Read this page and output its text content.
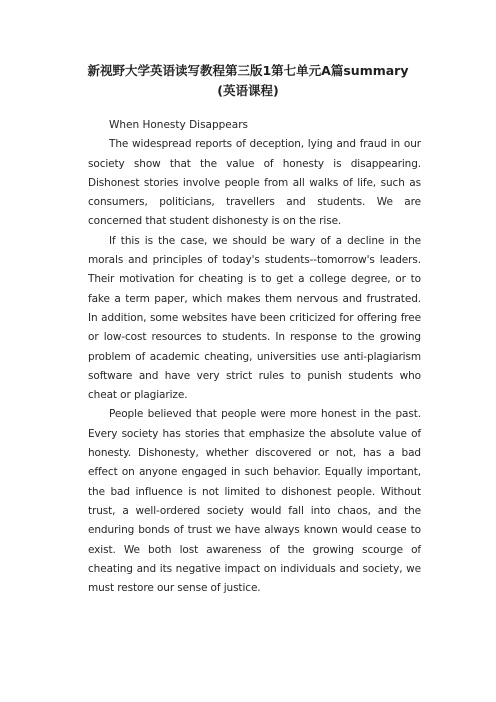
新视野大学英语读写教程第三版1第七单元A篇summary
(英语课程)
When Honesty Disappears

The widespread reports of deception, lying and fraud in our society show that the value of honesty is disappearing. Dishonest stories involve people from all walks of life, such as consumers, politicians, travellers and students. We are concerned that student dishonesty is on the rise.

If this is the case, we should be wary of a decline in the morals and principles of today's students--tomorrow's leaders. Their motivation for cheating is to get a college degree, or to fake a term paper, which makes them nervous and frustrated. In addition, some websites have been criticized for offering free or low-cost resources to students. In response to the growing problem of academic cheating, universities use anti-plagiarism software and have very strict rules to punish students who cheat or plagiarize.

People believed that people were more honest in the past. Every society has stories that emphasize the absolute value of honesty. Dishonesty, whether discovered or not, has a bad effect on anyone engaged in such behavior. Equally important, the bad influence is not limited to dishonest people. Without trust, a well-ordered society would fall into chaos, and the enduring bonds of trust we have always known would cease to exist. We both lost awareness of the growing scourge of cheating and its negative impact on individuals and society, we must restore our sense of justice.
